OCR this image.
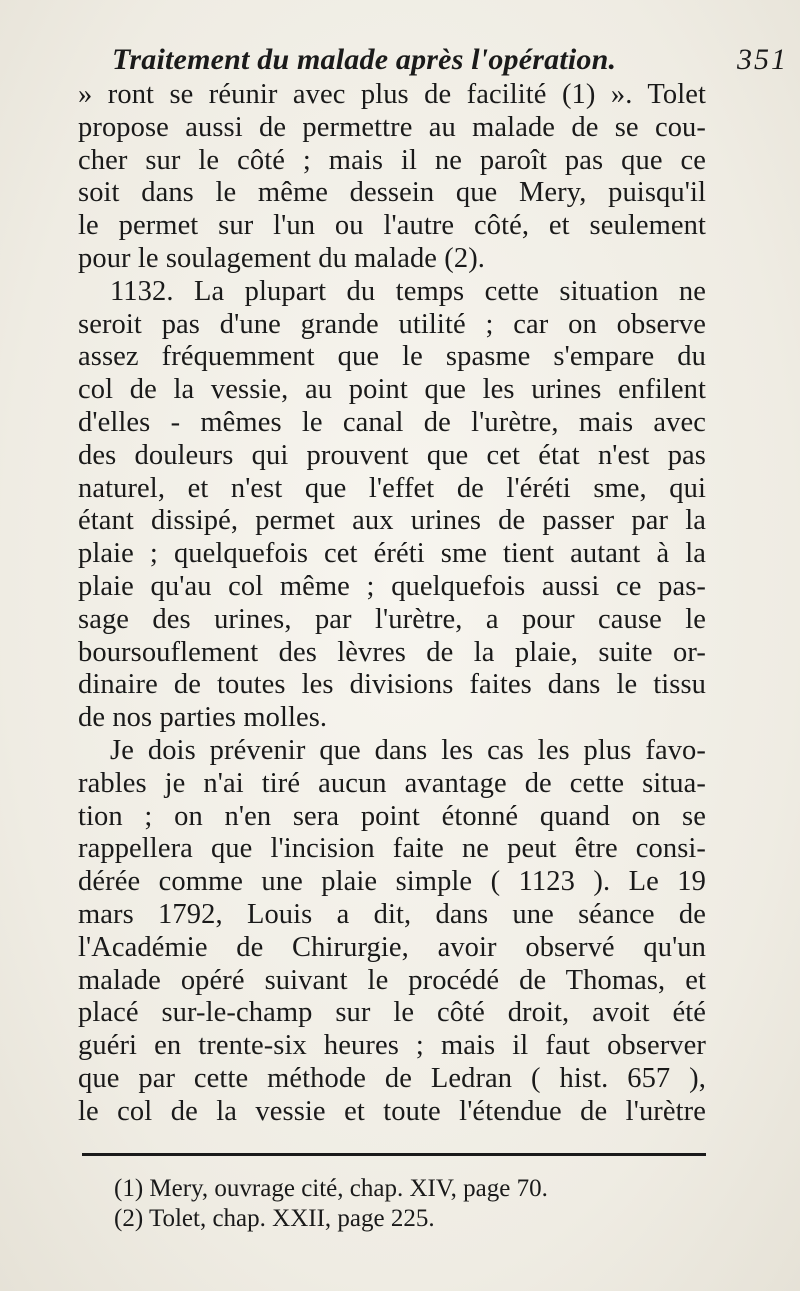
Traitement du malade après l'opération.	351
» ront se réunir avec plus de facilité (1) ». Tolet
propose aussi de permettre au malade de se cou-
cher sur le côté ; mais il ne paroît pas que ce
soit dans le même dessein que Mery, puisqu'il
le permet sur l'un ou l'autre côté, et seulement
pour le soulagement du malade (2).
1132. La plupart du temps cette situation ne
seroit pas d'une grande utilité ; car on observe
assez fréquemment que le spasme s'empare du
col de la vessie, au point que les urines enfilent
d'elles - mêmes le canal de l'urètre, mais avec
des douleurs qui prouvent que cet état n'est pas
naturel, et n'est que l'effet de l'éréti sme, qui
étant dissipé, permet aux urines de passer par la
plaie ; quelquefois cet éréti sme tient autant à la
plaie qu'au col même ; quelquefois aussi ce pas-
sage des urines, par l'urètre, a pour cause le
boursouflement des lèvres de la plaie, suite or-
dinaire de toutes les divisions faites dans le tissu
de nos parties molles.
Je dois prévenir que dans les cas les plus favo-
rables je n'ai tiré aucun avantage de cette situa-
tion ; on n'en sera point étonné quand on se
rappellera que l'incision faite ne peut être consi-
dérée comme une plaie simple ( 1123 ). Le 19
mars 1792, Louis a dit, dans une séance de
l'Académie de Chirurgie, avoir observé qu'un
malade opéré suivant le procédé de Thomas, et
placé sur-le-champ sur le côté droit, avoit été
guéri en trente-six heures ; mais il faut observer
que par cette méthode de Ledran ( hist. 657 ),
le col de la vessie et toute l'étendue de l'urètre
(1) Mery, ouvrage cité, chap. XIV, page 70.
(2) Tolet, chap. XXII, page 225.
